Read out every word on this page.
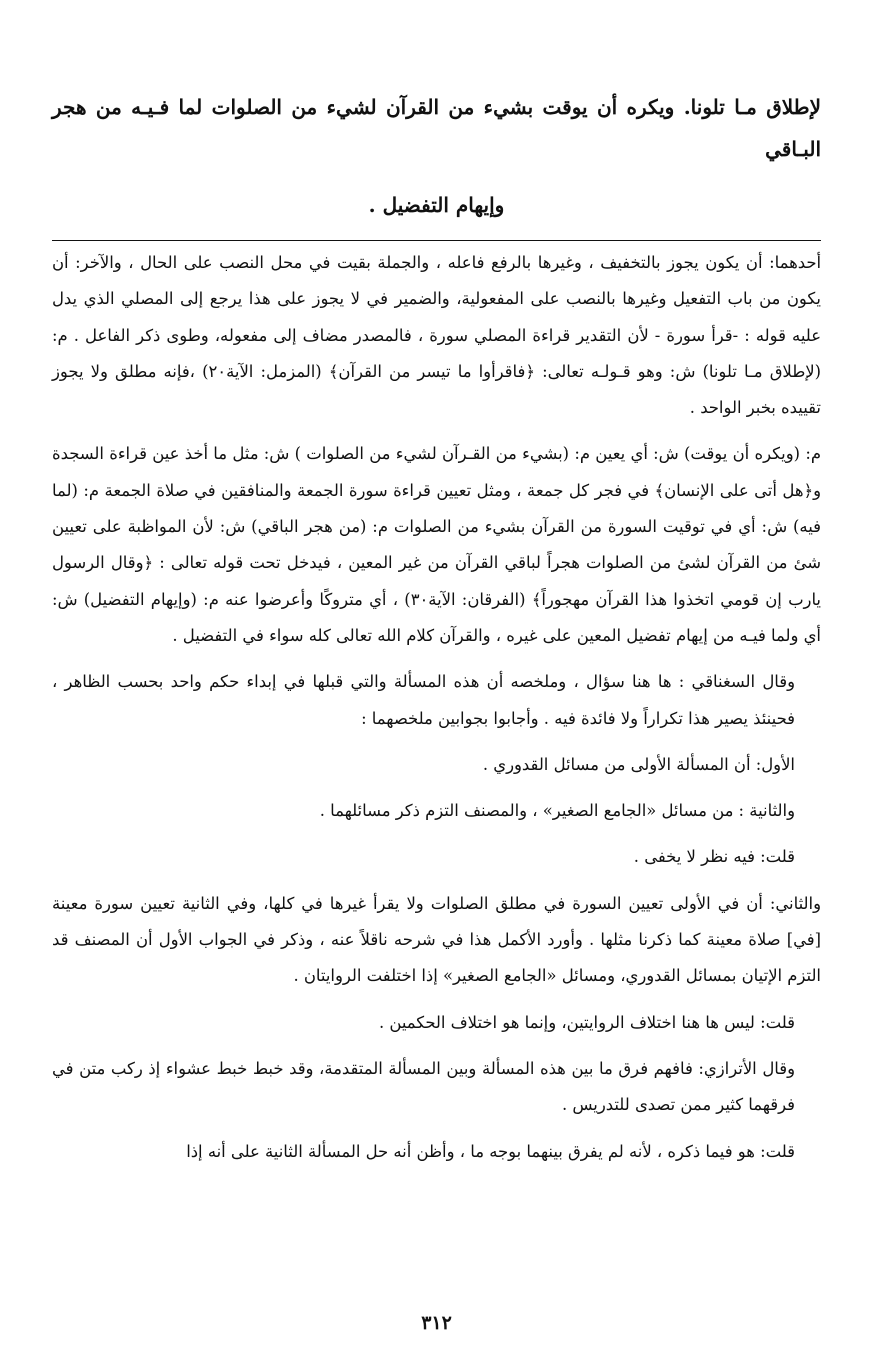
لإطلاق مـا تلونا. ويكره أن يوقت بشيء من القرآن لشيء من الصلوات لما فـيـه من هجر البـاقي
وإيهام التفضيل .

أحدهما: أن يكون يجوز بالتخفيف ، وغيرها بالرفع فاعله ، والجملة بقيت في محل النصب على الحال ، والآخر: أن يكون من باب التفعيل وغيرها بالنصب على المفعولية، والضمير في لا يجوز على هذا يرجع إلى المصلي الذي يدل عليه قوله : -قرأ سورة - لأن التقدير قراءة المصلي سورة ، فالمصدر مضاف إلى مفعوله، وطوى ذكر الفاعل . م: (لإطلاق مـا تلونا) ش: وهو قـولـه تعالى: ﴿فاقرأوا ما تيسر من القرآن﴾ (المزمل: الآية٢٠) ،فإنه مطلق ولا يجوز تقييده بخبر الواحد .

م: (ويكره أن يوقت) ش: أي يعين م: (بشيء من القـرآن لشيء من الصلوات ) ش: مثل ما أخذ عين قراءة السجدة و﴿هل أتى على الإنسان﴾ في فجر كل جمعة ، ومثل تعيين قراءة سورة الجمعة والمنافقين في صلاة الجمعة م: (لما فيه) ش: أي في توقيت السورة من القرآن بشيء من الصلوات م: (من هجر الباقي) ش: لأن المواظبة على تعيين شئ من القرآن لشئ من الصلوات هجراً لباقي القرآن من غير المعين ، فيدخل تحت قوله تعالى : ﴿وقال الرسول يارب إن قومي اتخذوا هذا القرآن مهجوراً﴾ (الفرقان: الآية٣٠) ، أي متروكًا وأعرضوا عنه م: (وإيهام التفضيل) ش: أي ولما فيـه من إيهام تفضيل المعين على غيره ، والقرآن كلام الله تعالى كله سواء في التفضيل .

وقال السغناقي : ها هنا سؤال ، وملخصه أن هذه المسألة والتي قبلها في إبداء حكم واحد بحسب الظاهر ، فحينئذ يصير هذا تكراراً ولا فائدة فيه . وأجابوا بجوابين ملخصهما :

الأول: أن المسألة الأولى من مسائل القدوري .

والثانية : من مسائل «الجامع الصغير» ، والمصنف التزم ذكر مسائلهما .

قلت: فيه نظر لا يخفى .

والثاني: أن في الأولى تعيين السورة في مطلق الصلوات ولا يقرأ غيرها في كلها، وفي الثانية تعيين سورة معينة [في] صلاة معينة كما ذكرنا مثلها . وأورد الأكمل هذا في شرحه ناقلاً عنه ، وذكر في الجواب الأول أن المصنف قد التزم الإتيان بمسائل القدوري، ومسائل «الجامع الصغير» إذا اختلفت الروايتان .

قلت: ليس ها هنا اختلاف الروايتين، وإنما هو اختلاف الحكمين .

وقال الأترازي: فافهم فرق ما بين هذه المسألة وبين المسألة المتقدمة، وقد خبط خبط عشواء إذ ركب متن في فرقهما كثير ممن تصدى للتدريس .

قلت: هو فيما ذكره ، لأنه لم يفرق بينهما بوجه ما ، وأظن أنه حل المسألة الثانية على أنه إذا

٣١٢
